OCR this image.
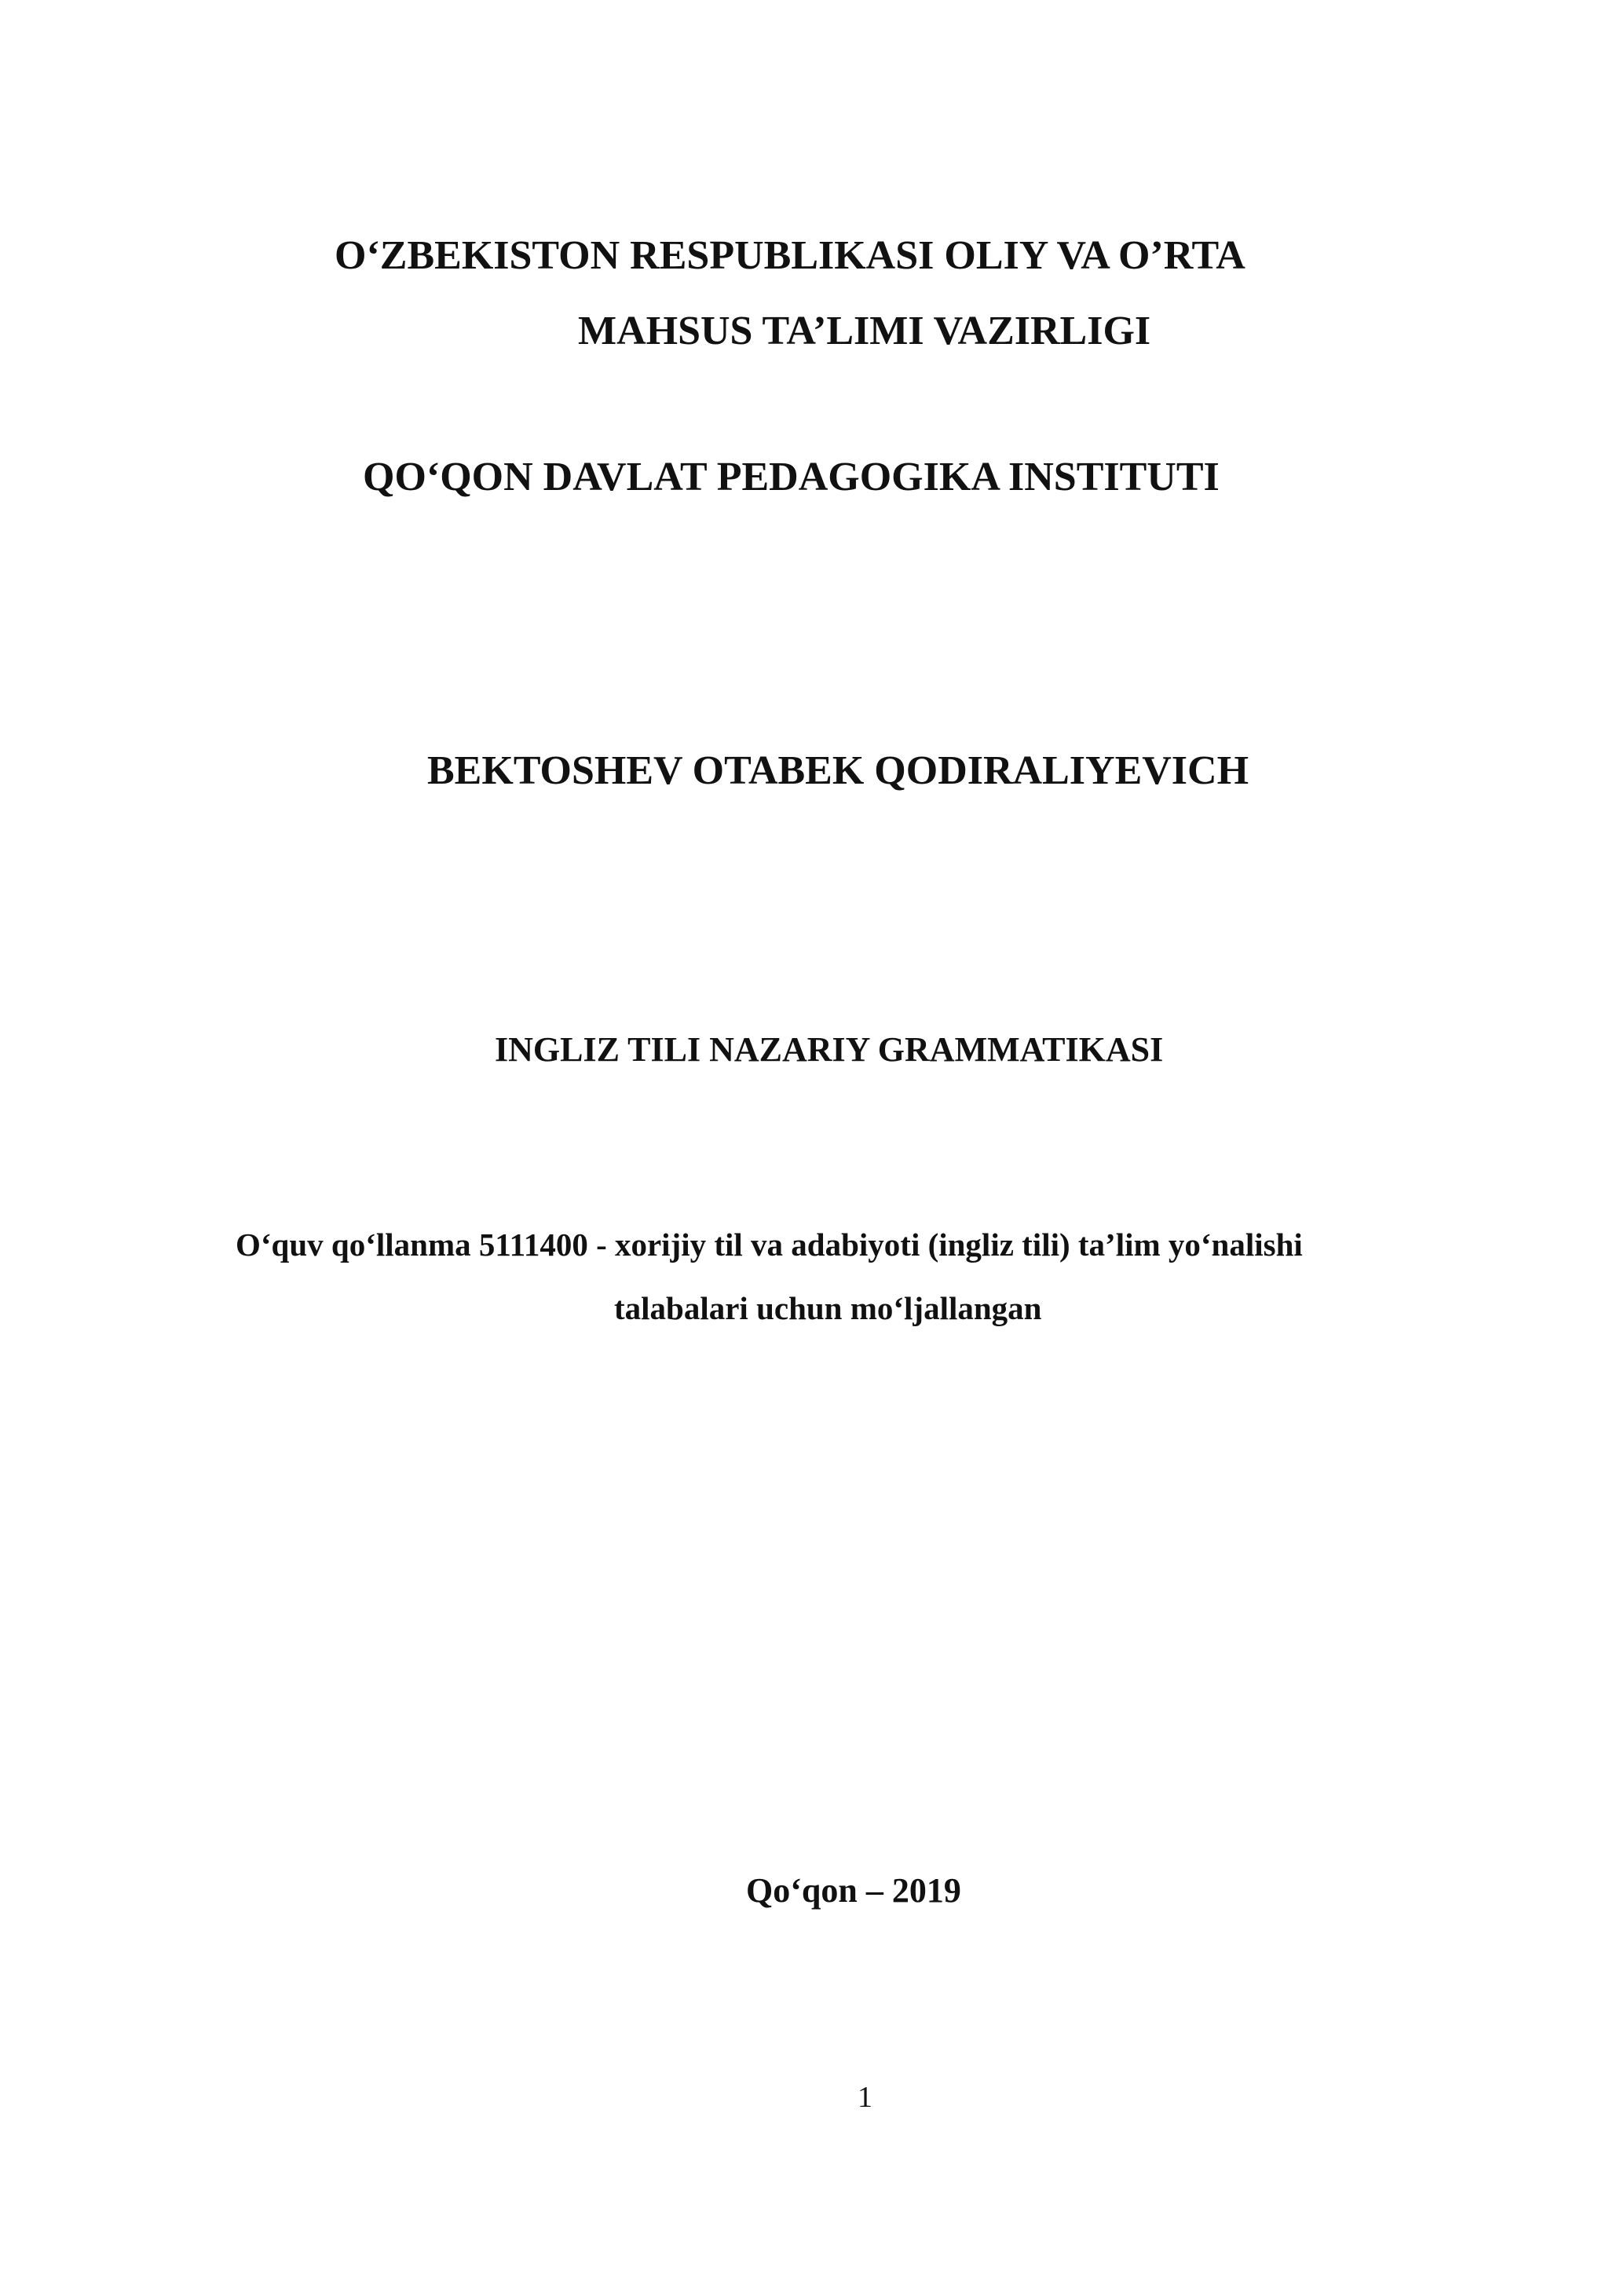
O‘ZBEKISTON RESPUBLIKASI OLIY VA O’RTA
MAHSUS TA’LIMI VAZIRLIGI
QO‘QON DAVLAT PEDAGOGIKA INSTITUTI
BEKTOSHEV OTABEK QODIRALIYEVICH
INGLIZ TILI NAZARIY GRAMMATIKASI
O‘quv qo‘llanma 5111400 - xorijiy til va adabiyoti (ingliz tili) ta’lim yo‘nalishi
talabalari uchun mo‘ljallangan
Qo‘qon – 2019
1
